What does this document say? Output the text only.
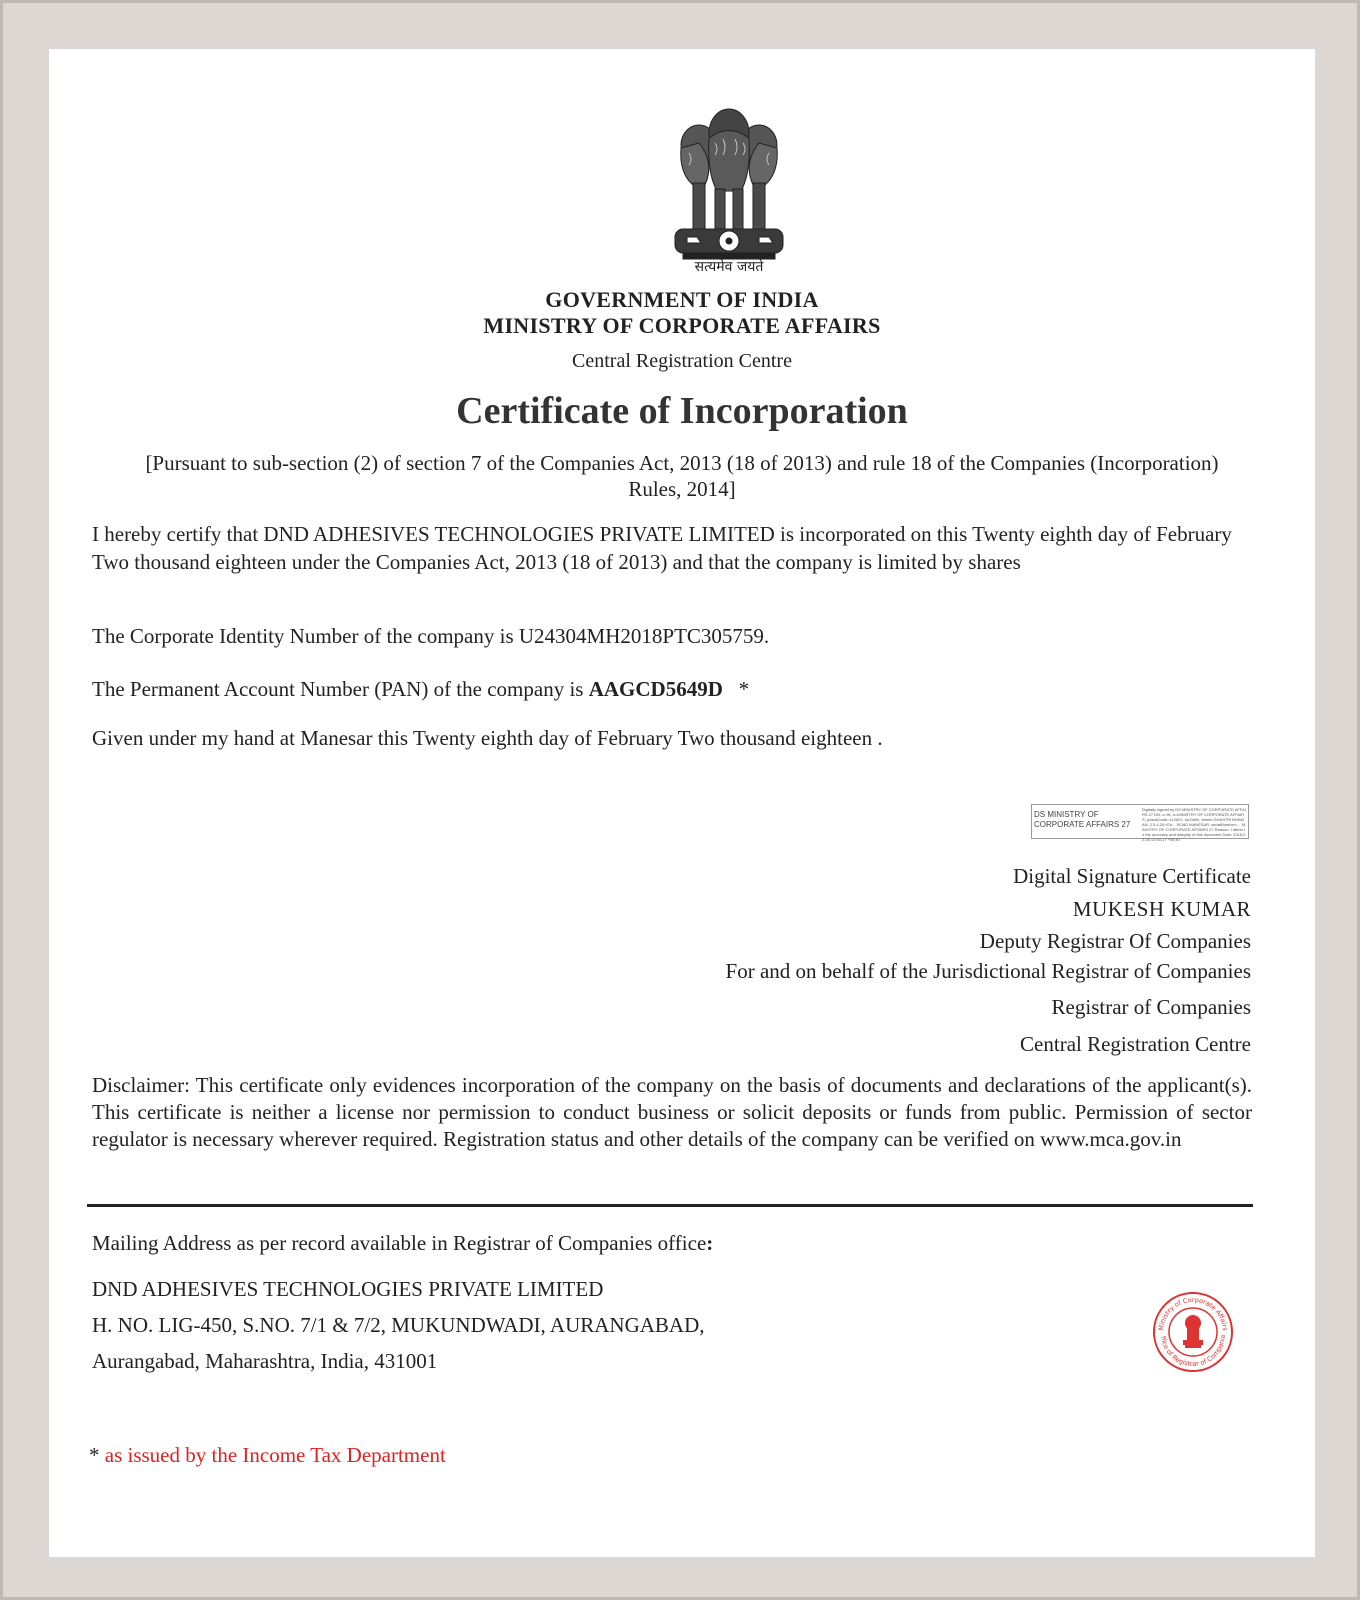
सत्यमेव जयते
GOVERNMENT OF INDIA
MINISTRY OF CORPORATE AFFAIRS
Central Registration Centre
Certificate of Incorporation
[Pursuant to sub-section (2) of section 7 of the Companies Act, 2013 (18 of 2013) and rule 18 of the Companies (Incorporation) Rules, 2014]
I hereby certify that DND ADHESIVES TECHNOLOGIES PRIVATE LIMITED is incorporated on this Twenty eighth day of February Two thousand eighteen under the Companies Act, 2013 (18 of 2013) and that the company is limited by shares
The Corporate Identity Number of the company is U24304MH2018PTC305759.
The Permanent Account Number (PAN) of the company is AAGCD5649D   *
Given under my hand at Manesar this Twenty eighth day of February Two thousand eighteen .
DS MINISTRY OF CORPORATE AFFAIRS 27
Digitally signed by DS MINISTRY OF CORPORATE AFFAIRS 27 DN: c=IN, o=MINISTRY OF CORPORATE AFFAIRS, postalCode=110001, st=Delhi, street=SHASTRI BHAWAN, 2.5.4.20=f7e... ROAD MANESAR, serialNumber=... MINISTRY OF CORPORATE AFFAIRS 27 Reason: I attest to the accuracy and integrity of this document Date: 2018.02.28 12:44:17 +05'30'
Digital Signature Certificate
MUKESH KUMAR
Deputy Registrar Of Companies
For and on behalf of the Jurisdictional Registrar of Companies
Registrar of Companies
Central Registration Centre
Disclaimer: This certificate only evidences incorporation of the company on the basis of documents and declarations of the applicant(s). This certificate is neither a license nor permission to conduct business or solicit deposits or funds from public. Permission of sector regulator is necessary wherever required. Registration status and other details of the company can be verified on www.mca.gov.in
Mailing Address as per record available in Registrar of Companies office:
DND ADHESIVES TECHNOLOGIES PRIVATE LIMITED
H. NO. LIG-450, S.NO. 7/1 & 7/2, MUKUNDWADI, AURANGABAD,
Aurangabad, Maharashtra, India, 431001
Ministry of Corporate Affairs
ffice of Registrar of Companie
* as issued by the Income Tax Department
